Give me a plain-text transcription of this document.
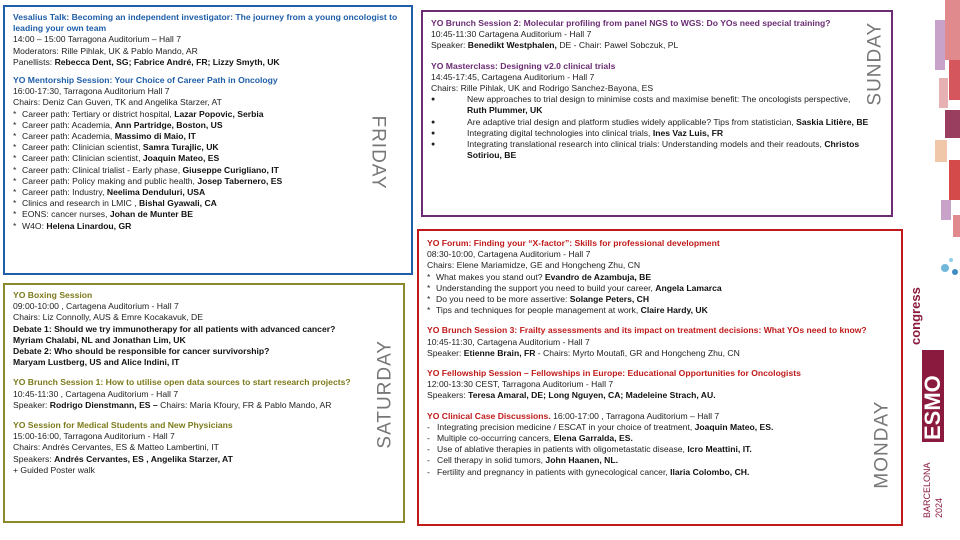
Vesalius Talk: Becoming an independent investigator: The journey from a young oncologist to leading your own team

14:00 – 15:00 Tarragona Auditorium – Hall 7

Moderators: Rille Pihlak, UK & Pablo Mando, AR

Panellists: Rebecca Dent, SG; Fabrice André, FR; Lizzy Smyth, UK

YO Mentorship Session: Your Choice of Career Path in Oncology

16:00-17:30, Tarragona Auditorium Hall 7

Chairs: Deniz Can Guven, TK and Angelika Starzer, AT

* Career path: Tertiary or district hospital, Lazar Popovic, Serbia
* Career path: Academia, Ann Partridge, Boston, US
* Career path: Academia, Massimo di Maio, IT
* Career path: Clinician scientist, Samra Turajlic, UK
* Career path: Clinician scientist, Joaquin Mateo, ES
* Career path: Clinical trialist - Early phase, Giuseppe Curigliano, IT
* Career path: Policy making and public health, Josep Tabernero, ES
* Career path: Industry, Neelima Denduluri, USA
* Clinics and research in LMIC , Bishal Gyawali, CA
* EONS: cancer nurses, Johan de Munter BE
* W4O: Helena Linardou, GR
FRIDAY

YO Boxing Session

09:00-10:00 , Cartagena Auditorium - Hall 7

Chairs: Liz Connolly, AUS & Emre Kocakavuk, DE

Debate 1: Should we try immunotherapy for all patients with advanced cancer?

Myriam Chalabi, NL and Jonathan Lim, UK

Debate 2: Who should be responsible for cancer survivorship?

Maryam Lustberg, US and Alice Indini, IT

YO Brunch Session 1: How to utilise open data sources to start research projects?

10:45-11:30 , Cartagena Auditorium - Hall 7

Speaker: Rodrigo Dienstmann, ES – Chairs: Maria Kfoury, FR & Pablo Mando, AR

YO Session for Medical Students and New Physicians

15:00-16:00, Tarragona Auditorium - Hall 7

Chairs: Andrés Cervantes, ES & Matteo Lambertini, IT

Speakers: Andrés Cervantes, ES , Angelika Starzer, AT

+ Guided Poster walk

SATURDAY

YO Brunch Session 2: Molecular profiling from panel NGS to WGS: Do YOs need special training?

10:45-11:30 Cartagena Auditorium - Hall 7

Speaker: Benedikt Westphalen, DE - Chair: Pawel Sobczuk, PL

YO Masterclass: Designing v2.0 clinical trials

14:45-17:45, Cartagena Auditorium - Hall 7

Chairs: Rille Pihlak, UK and Rodrigo Sanchez-Bayona, ES

● New approaches to trial design to minimise costs and maximise benefit: The oncologists perspective, Ruth Plummer, UK
● Are adaptive trial design and platform studies widely applicable? Tips from statistician, Saskia Litière, BE
● Integrating digital technologies into clinical trials, Ines Vaz Luis, FR
● Integrating translational research into clinical trials: Understanding models and their readouts, Christos Sotiriou, BE
SUNDAY

YO Forum: Finding your “X-factor”: Skills for professional development

08:30-10:00, Cartagena Auditorium - Hall 7

Chairs: Elene Mariamidze, GE and Hongcheng Zhu, CN

* What makes you stand out? Evandro de Azambuja, BE
* Understanding the support you need to build your career, Angela Lamarca
* Do you need to be more assertive: Solange Peters, CH
* Tips and techniques for people management at work, Claire Hardy, UK

YO Brunch Session 3: Frailty assessments and its impact on treatment decisions: What YOs need to know? 10:45-11:30, Cartagena Auditorium - Hall 7

Speaker: Etienne Brain, FR - Chairs: Myrto Moutafi, GR and Hongcheng Zhu, CN

YO Fellowship Session – Fellowships in Europe: Educational Opportunities for Oncologists

12:00-13:30 CEST, Tarragona Auditorium - Hall 7

Speakers: Teresa Amaral, DE; Long Nguyen, CA; Madeleine Strach, AU.

YO Clinical Case Discussions. 16:00-17:00 , Tarragona Auditorium – Hall 7

- Integrating precision medicine / ESCAT in your choice of treatment, Joaquin Mateo, ES.
- Multiple co-occurring cancers, Elena Garralda, ES.
- Use of ablative therapies in patients with oligometastatic disease, Icro Meattini, IT.
- Cell therapy in solid tumors, John Haanen, NL.
- Fertility and pregnancy in patients with gynecological cancer, Ilaria Colombo, CH.	MONDAY ESMO
congress
BARCELONA 2024
